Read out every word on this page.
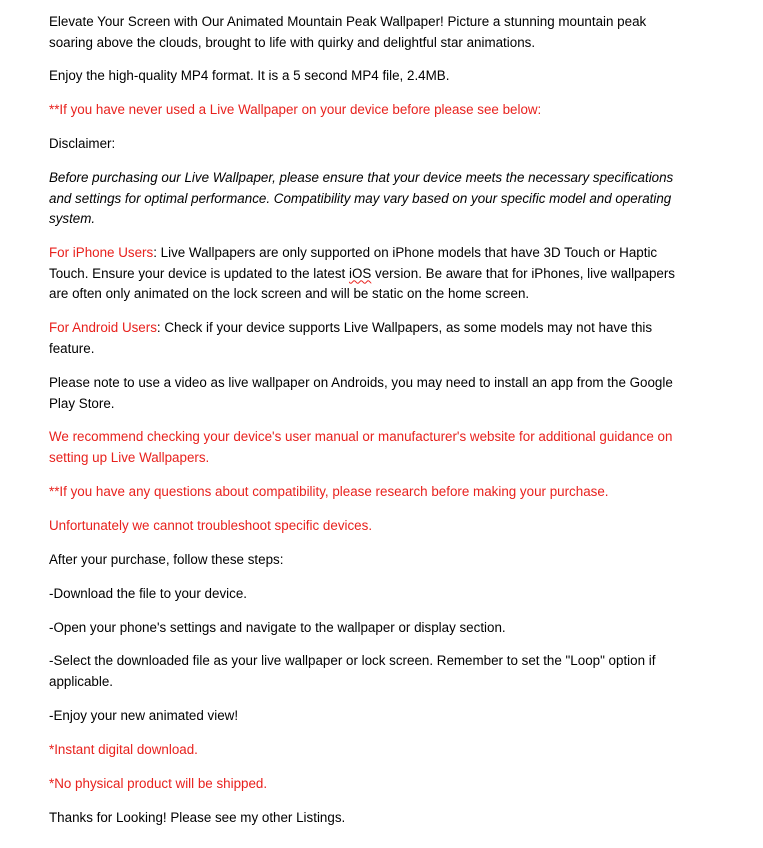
Elevate Your Screen with Our Animated Mountain Peak Wallpaper! Picture a stunning mountain peak soaring above the clouds, brought to life with quirky and delightful star animations.

Enjoy the high-quality MP4 format. It is a 5 second MP4 file, 2.4MB.

**If you have never used a Live Wallpaper on your device before please see below:

Disclaimer:

Before purchasing our Live Wallpaper, please ensure that your device meets the necessary specifications and settings for optimal performance. Compatibility may vary based on your specific model and operating system.

For iPhone Users: Live Wallpapers are only supported on iPhone models that have 3D Touch or Haptic Touch. Ensure your device is updated to the latest iOS version. Be aware that for iPhones, live wallpapers are often only animated on the lock screen and will be static on the home screen.

For Android Users: Check if your device supports Live Wallpapers, as some models may not have this feature.

Please note to use a video as live wallpaper on Androids, you may need to install an app from the Google Play Store.

We recommend checking your device's user manual or manufacturer's website for additional guidance on setting up Live Wallpapers.

**If you have any questions about compatibility, please research before making your purchase.

Unfortunately we cannot troubleshoot specific devices.

After your purchase, follow these steps:

-Download the file to your device.

-Open your phone's settings and navigate to the wallpaper or display section.

-Select the downloaded file as your live wallpaper or lock screen. Remember to set the "Loop" option if applicable.

-Enjoy your new animated view!

*Instant digital download.

*No physical product will be shipped.

Thanks for Looking! Please see my other Listings.
